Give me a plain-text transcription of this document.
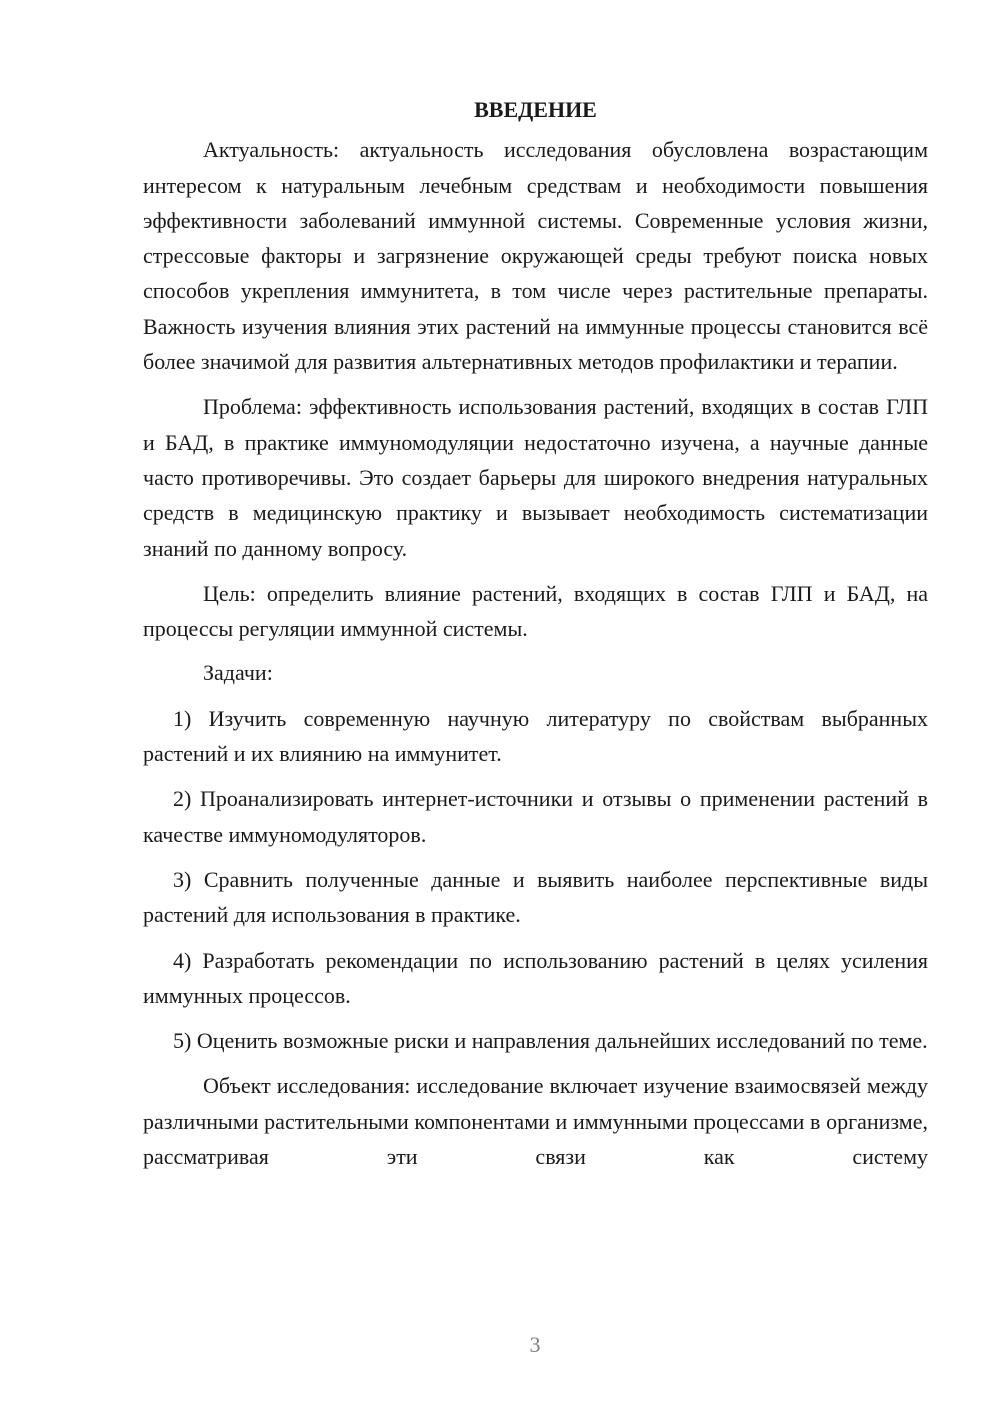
ВВЕДЕНИЕ

Актуальность: актуальность исследования обусловлена возрастающим интересом к натуральным лечебным средствам и необходимости повышения эффективности заболеваний иммунной системы. Современные условия жизни, стрессовые факторы и загрязнение окружающей среды требуют поиска новых способов укрепления иммунитета, в том числе через растительные препараты. Важность изучения влияния этих растений на иммунные процессы становится всё более значимой для развития альтернативных методов профилактики и терапии.

Проблема: эффективность использования растений, входящих в состав ГЛП и БАД, в практике иммуномодуляции недостаточно изучена, а научные данные часто противоречивы. Это создает барьеры для широкого внедрения натуральных средств в медицинскую практику и вызывает необходимость систематизации знаний по данному вопросу.

Цель: определить влияние растений, входящих в состав ГЛП и БАД, на процессы регуляции иммунной системы.

Задачи:

1) Изучить современную научную литературу по свойствам выбранных растений и их влиянию на иммунитет.

2) Проанализировать интернет-источники и отзывы о применении растений в качестве иммуномодуляторов.

3) Сравнить полученные данные и выявить наиболее перспективные виды растений для использования в практике.

4) Разработать рекомендации по использованию растений в целях усиления иммунных процессов.

5) Оценить возможные риски и направления дальнейших исследований по теме.

Объект исследования: исследование включает изучение взаимосвязей между различными растительными компонентами и иммунными процессами в организме, рассматривая эти связи как систему

3
